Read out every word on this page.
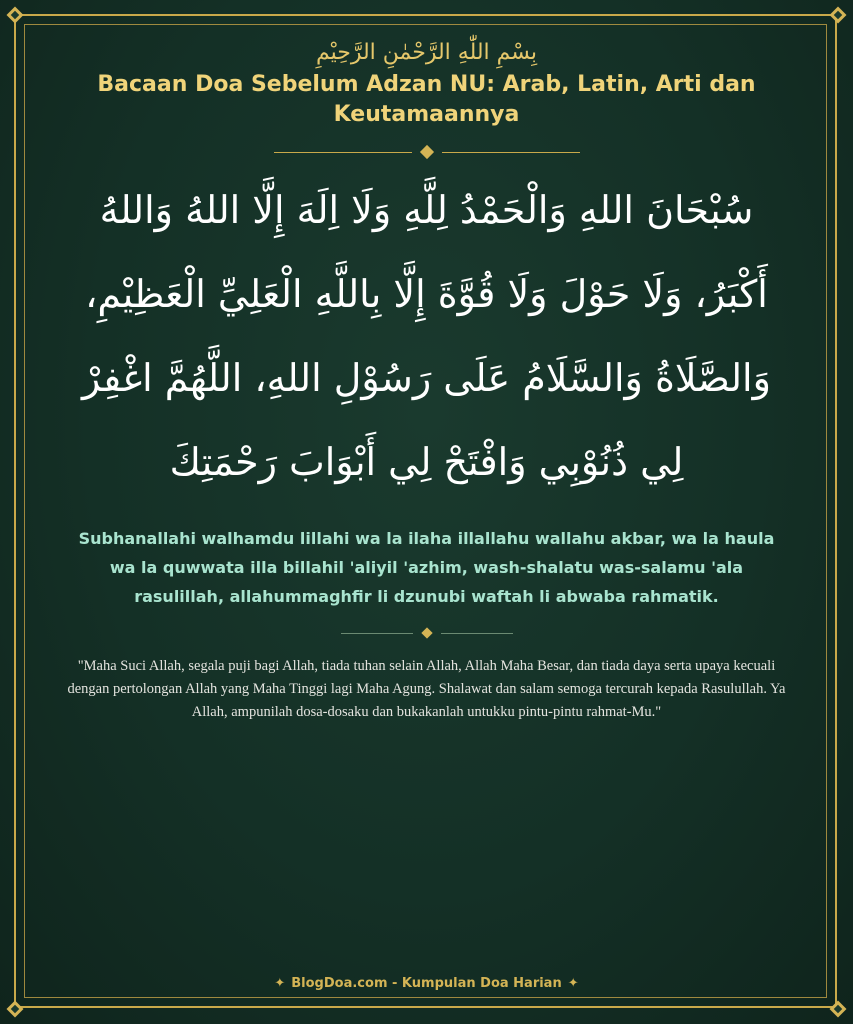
بِسْمِ اللّٰهِ الرَّحْمٰنِ الرَّحِيْمِ
Bacaan Doa Sebelum Adzan NU: Arab, Latin, Arti dan Keutamaannya
سُبْحَانَ اللهِ وَالْحَمْدُ لِلَّهِ وَلَا اِلَهَ إِلَّا اللهُ وَاللهُ أَكْبَرُ، وَلَا حَوْلَ وَلَا قُوَّةَ إِلَّا بِاللَّهِ الْعَلِيِّ الْعَظِيْمِ، وَالصَّلَاةُ وَالسَّلَامُ عَلَى رَسُوْلِ اللهِ، اللَّهُمَّ اغْفِرْ لِي ذُنُوْبِي وَافْتَحْ لِي أَبْوَابَ رَحْمَتِكَ
Subhanallahi walhamdu lillahi wa la ilaha illallahu wallahu akbar, wa la haula wa la quwwata illa billahil 'aliyil 'azhim, wash-shalatu was-salamu 'ala rasulillah, allahummaghfir li dzunubi waftah li abwaba rahmatik.
"Maha Suci Allah, segala puji bagi Allah, tiada tuhan selain Allah, Allah Maha Besar, dan tiada daya serta upaya kecuali dengan pertolongan Allah yang Maha Tinggi lagi Maha Agung. Shalawat dan salam semoga tercurah kepada Rasulullah. Ya Allah, ampunilah dosa-dosaku dan bukakanlah untukku pintu-pintu rahmat-Mu."
✦ BlogDoa.com - Kumpulan Doa Harian ✦
